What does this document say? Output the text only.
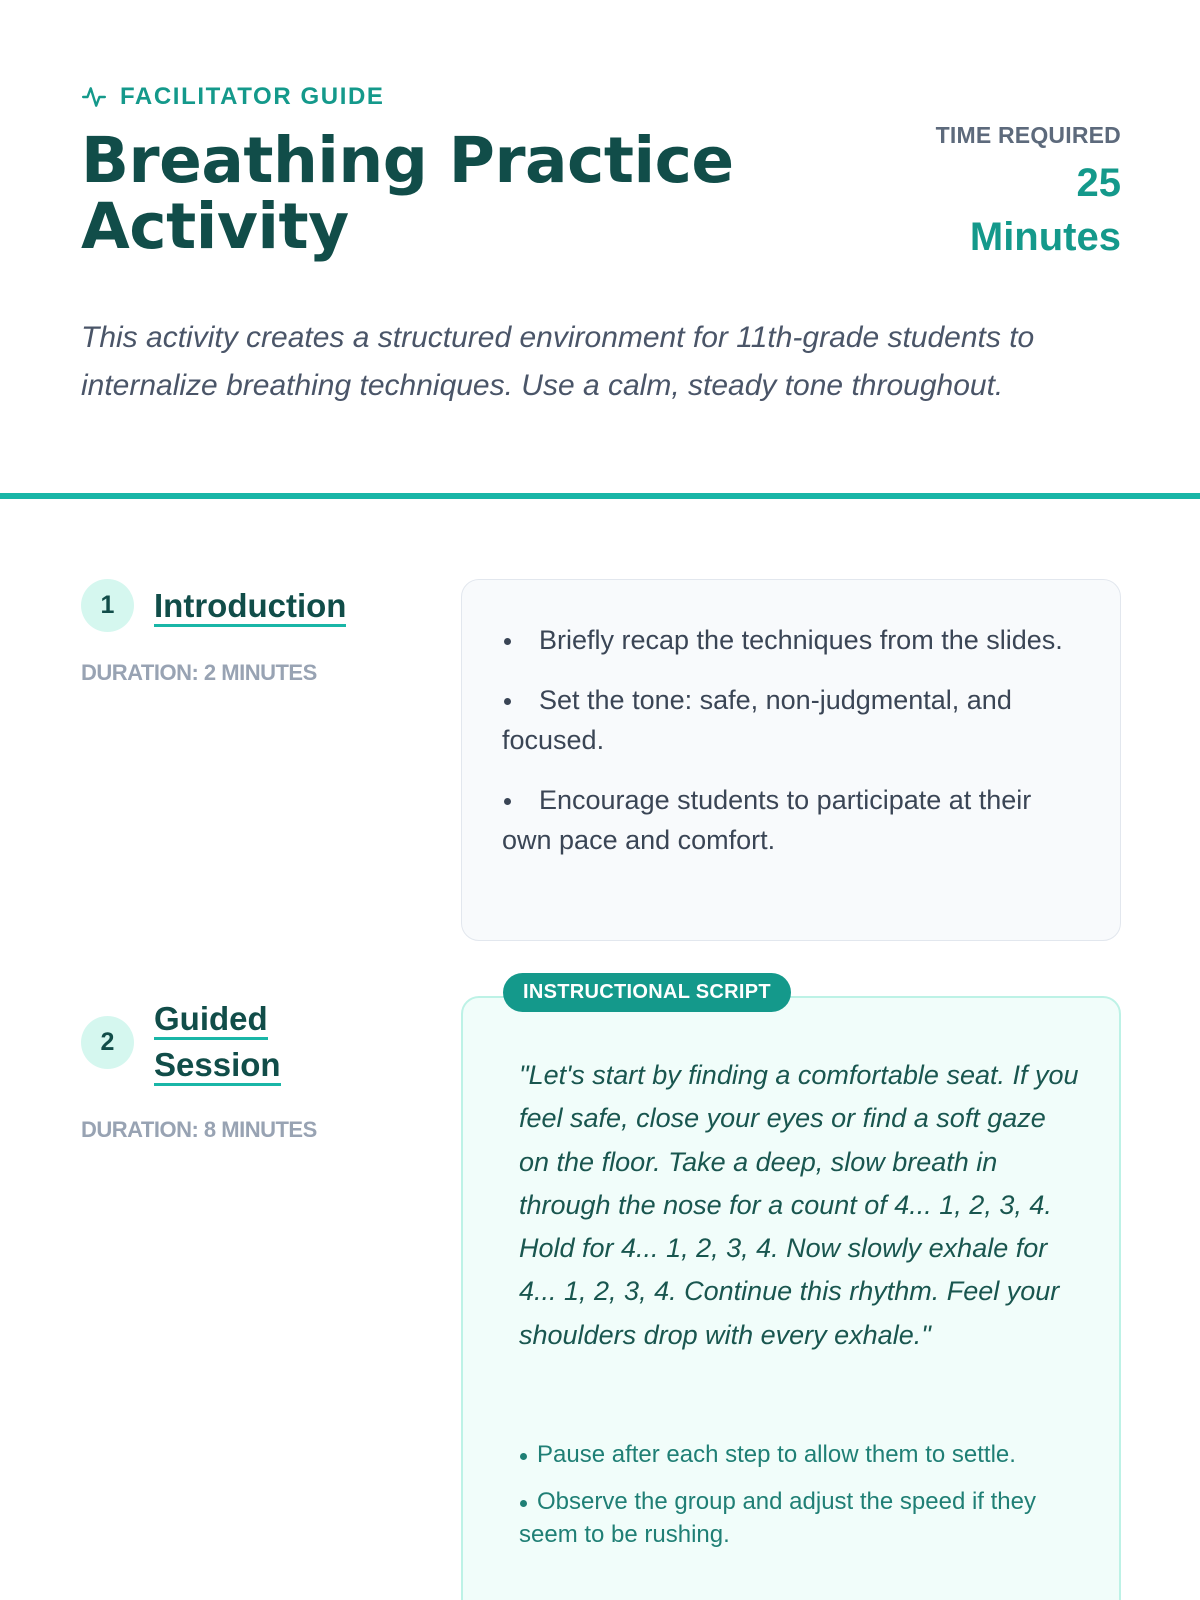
FACILITATOR GUIDE
Breathing Practice Activity
TIME REQUIRED
25
Minutes

This activity creates a structured environment for 11th-grade students to internalize breathing techniques. Use a calm, steady tone throughout.

1	Introduction
DURATION: 2 MINUTES
Briefly recap the techniques from the slides.
Set the tone: safe, non-judgmental, and focused.
Encourage students to participate at their own pace and comfort.
2
Guided
Session
DURATION: 8 MINUTES

"Let's start by finding a comfortable seat. If you feel safe, close your eyes or find a soft gaze on the floor. Take a deep, slow breath in through the nose for a count of 4... 1, 2, 3, 4. Hold for 4... 1, 2, 3, 4. Now slowly exhale for 4... 1, 2, 3, 4. Continue this rhythm. Feel your shoulders drop with every exhale."

Pause after each step to allow them to settle.
Observe the group and adjust the speed if they seem to be rushing.
INSTRUCTIONAL SCRIPT
